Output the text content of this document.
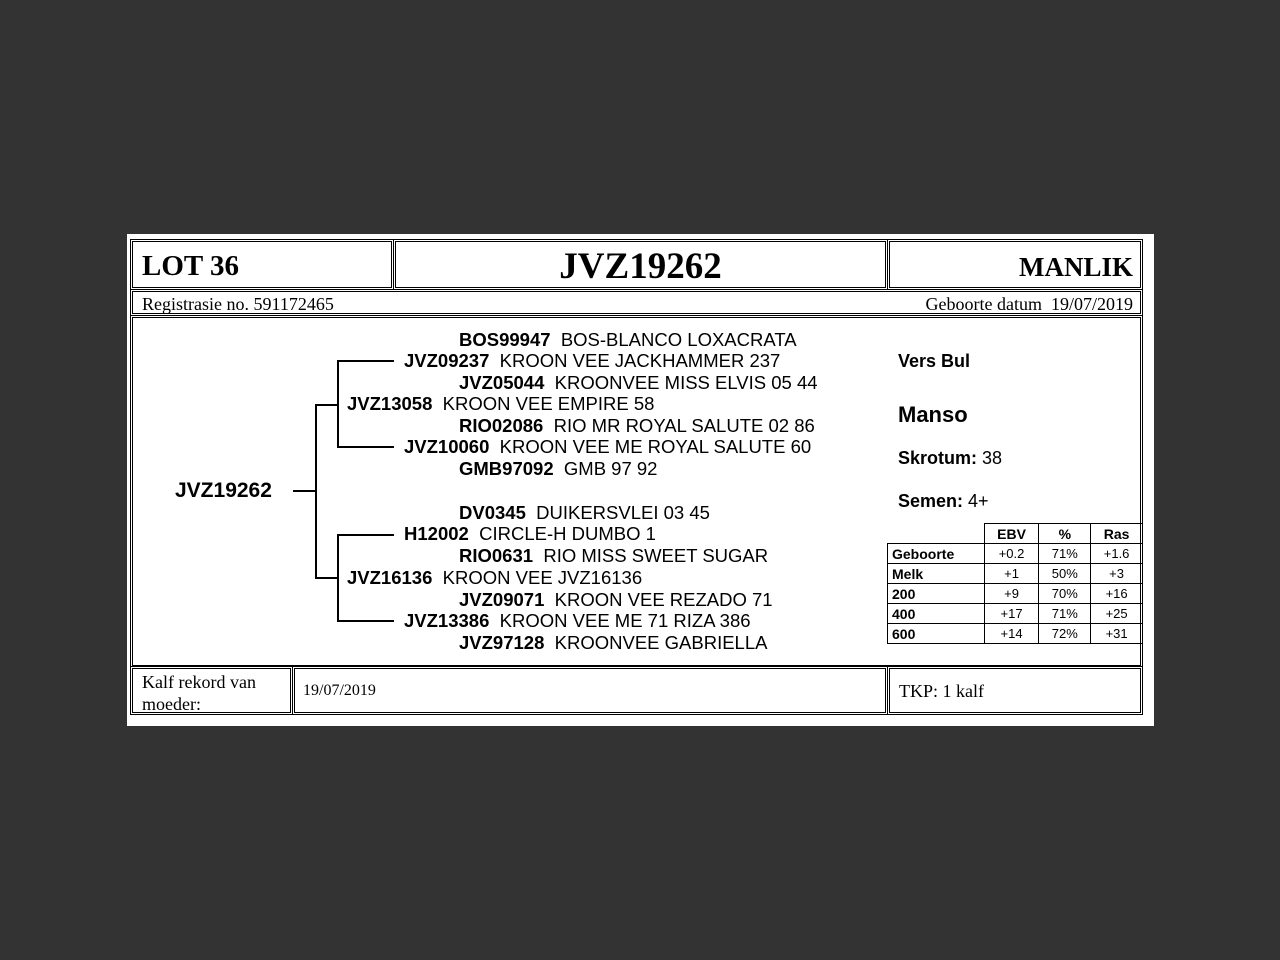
LOT 36	JVZ19262	MANLIK
Registrasie no. 591172465	Geboorte datum 19/07/2019
JVZ19262
BOS99947 BOS-BLANCO LOXACRATA
JVZ09237 KROON VEE JACKHAMMER 237
JVZ05044 KROONVEE MISS ELVIS 05 44
JVZ13058 KROON VEE EMPIRE 58
RIO02086 RIO MR ROYAL SALUTE 02 86
JVZ10060 KROON VEE ME ROYAL SALUTE 60
GMB97092 GMB 97 92
DV0345 DUIKERSVLEI 03 45
H12002 CIRCLE-H DUMBO 1
RIO0631  RIO MISS SWEET SUGAR
JVZ16136 KROON VEE JVZ16136
JVZ09071 KROON VEE REZADO 71
JVZ13386 KROON VEE ME 71 RIZA 386
JVZ97128 KROONVEE GABRIELLA
Vers Bul
Manso
Skrotum: 38
Semen: 4+
	EBV	%	Ras
Geboorte	+0.2	71%	+1.6
Melk	+1	50%	+3
200	+9	70%	+16
400	+17	71%	+25
600	+14	72%	+31
Kalf rekord van moeder:
19/07/2019	TKP: 1 kalf
